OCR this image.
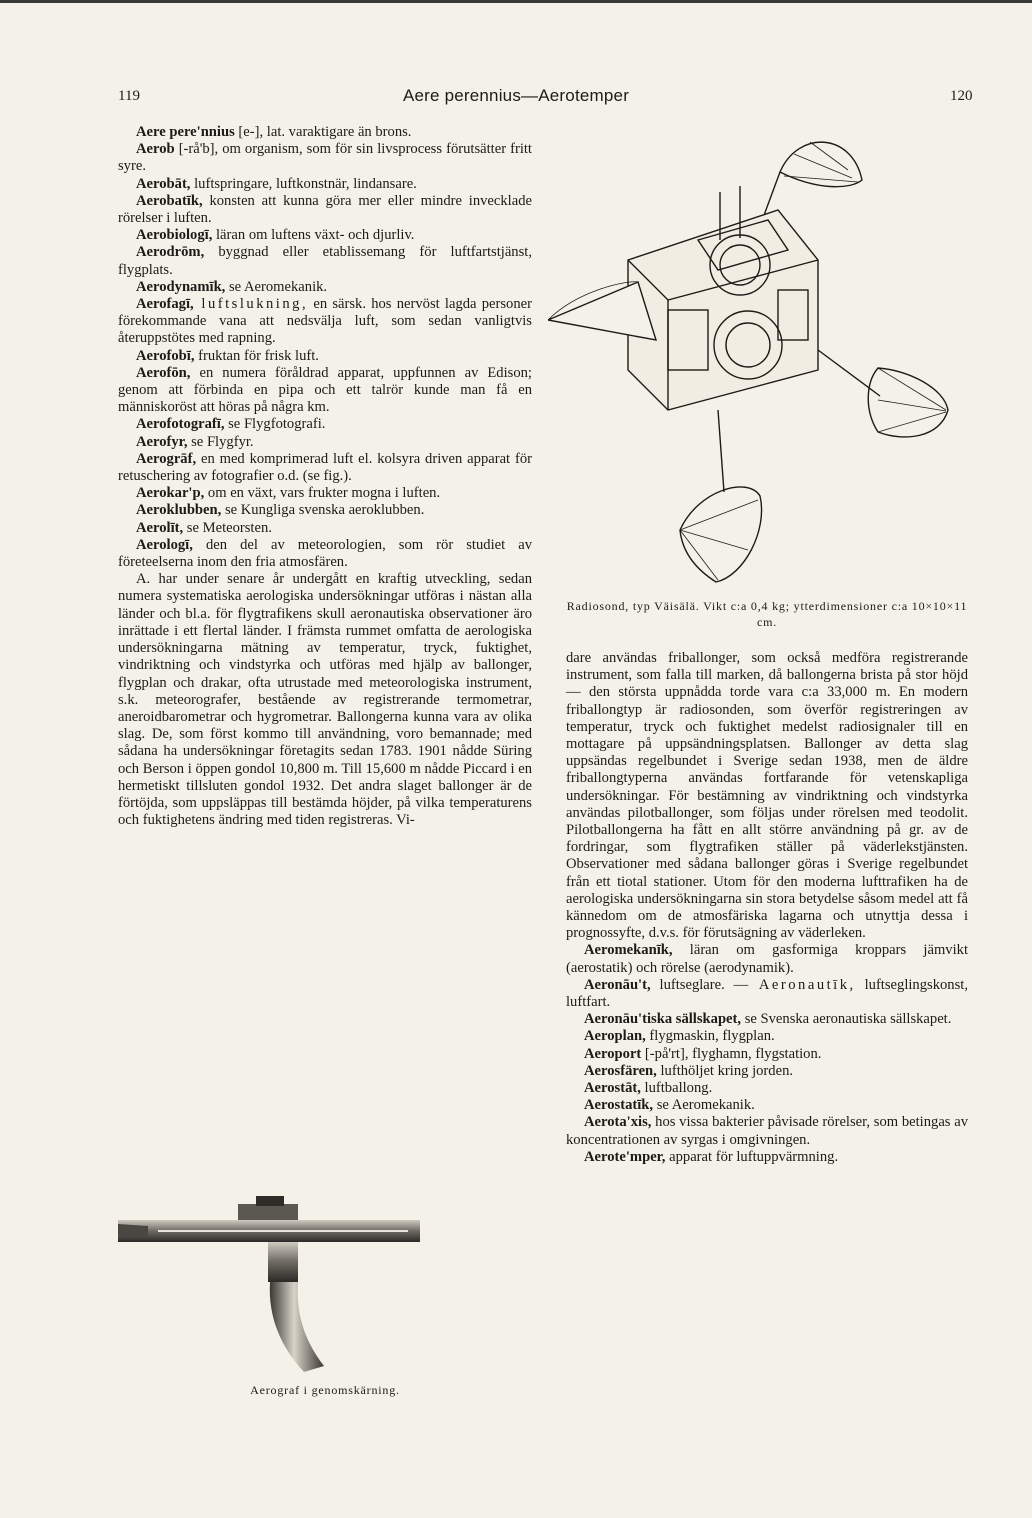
119	Aere perennius—Aerotemper	120

Aere pere'nnius [e-], lat. varaktigare än brons.

Aerob [-rå'b], om organism, som för sin livsprocess förutsätter fritt syre.

Aerobāt, luftspringare, luftkonstnär, lindansare.

Aerobatīk, konsten att kunna göra mer eller mindre invecklade rörelser i luften.

Aerobiologī, läran om luftens växt- och djurliv.

Aerodrōm, byggnad eller etablissemang för luftfartstjänst, flygplats.

Aerodynamīk, se Aeromekanik.

Aerofagī, luftslukning, en särsk. hos nervöst lagda personer förekommande vana att nedsvälja luft, som sedan vanligtvis återuppstötes med rapning.

Aerofobī, fruktan för frisk luft.

Aerofōn, en numera föråldrad apparat, uppfunnen av Edison; genom att förbinda en pipa och ett talrör kunde man få en människoröst att höras på några km.

Aerofotografī, se Flygfotografi.

Aerofyr, se Flygfyr.

Aerogrāf, en med komprimerad luft el. kolsyra driven apparat för retuschering av fotografier o.d. (se fig.).

Aerokar'p, om en växt, vars frukter mogna i luften.

Aeroklubben, se Kungliga svenska aeroklubben.

Aerolīt, se Meteorsten.

Aerologī, den del av meteorologien, som rör studiet av företeelserna inom den fria atmosfären.

A. har under senare år undergått en kraftig utveckling, sedan numera systematiska aerologiska undersökningar utföras i nästan alla länder och bl.a. för flygtrafikens skull aeronautiska observationer äro inrättade i ett flertal länder. I främsta rummet omfatta de aerologiska undersökningarna mätning av temperatur, tryck, fuktighet, vindriktning och vindstyrka och utföras med hjälp av ballonger, flygplan och drakar, ofta utrustade med meteorologiska instrument, s.k. meteorografer, bestående av registrerande termometrar, aneroidbarometrar och hygrometrar. Ballongerna kunna vara av olika slag. De, som först kommo till användning, voro bemannade; med sådana ha undersökningar företagits sedan 1783. 1901 nådde Süring och Berson i öppen gondol 10,800 m. Till 15,600 m nådde Piccard i en hermetiskt tillsluten gondol 1932. Det andra slaget ballonger är de förtöjda, som uppsläppas till bestämda höjder, på vilka temperaturens och fuktighetens ändring med tiden registreras. Vi-

Aerograf i genomskärning.
Radiosond, typ Väisälä. Vikt c:a 0,4 kg; ytterdimensioner c:a 10×10×11 cm.

dare användas friballonger, som också medföra registrerande instrument, som falla till marken, då ballongerna brista på stor höjd — den största uppnådda torde vara c:a 33,000 m. En modern friballongtyp är radiosonden, som överför registreringen av temperatur, tryck och fuktighet medelst radiosignaler till en mottagare på uppsändningsplatsen. Ballonger av detta slag uppsändas regelbundet i Sverige sedan 1938, men de äldre friballongtyperna användas fortfarande för vetenskapliga undersökningar. För bestämning av vindriktning och vindstyrka användas pilotballonger, som följas under rörelsen med teodolit. Pilotballongerna ha fått en allt större användning på gr. av de fordringar, som flygtrafiken ställer på väderlekstjänsten. Observationer med sådana ballonger göras i Sverige regelbundet från ett tiotal stationer. Utom för den moderna lufttrafiken ha de aerologiska undersökningarna sin stora betydelse såsom medel att få kännedom om de atmosfäriska lagarna och utnyttja dessa i prognossyfte, d.v.s. för förutsägning av väderleken.

Aeromekanīk, läran om gasformiga kroppars jämvikt (aerostatik) och rörelse (aerodynamik).

Aeronāu't, luftseglare. — Aeronautīk, luftseglingskonst, luftfart.

Aeronāu'tiska sällskapet, se Svenska aeronautiska sällskapet.

Aeroplan, flygmaskin, flygplan.

Aeroport [-på'rt], flyghamn, flygstation.

Aerosfären, lufthöljet kring jorden.

Aerostāt, luftballong.

Aerostatīk, se Aeromekanik.

Aerota'xis, hos vissa bakterier påvisade rörelser, som betingas av koncentrationen av syrgas i omgivningen.

Aerote'mper, apparat för luftuppvärmning.
